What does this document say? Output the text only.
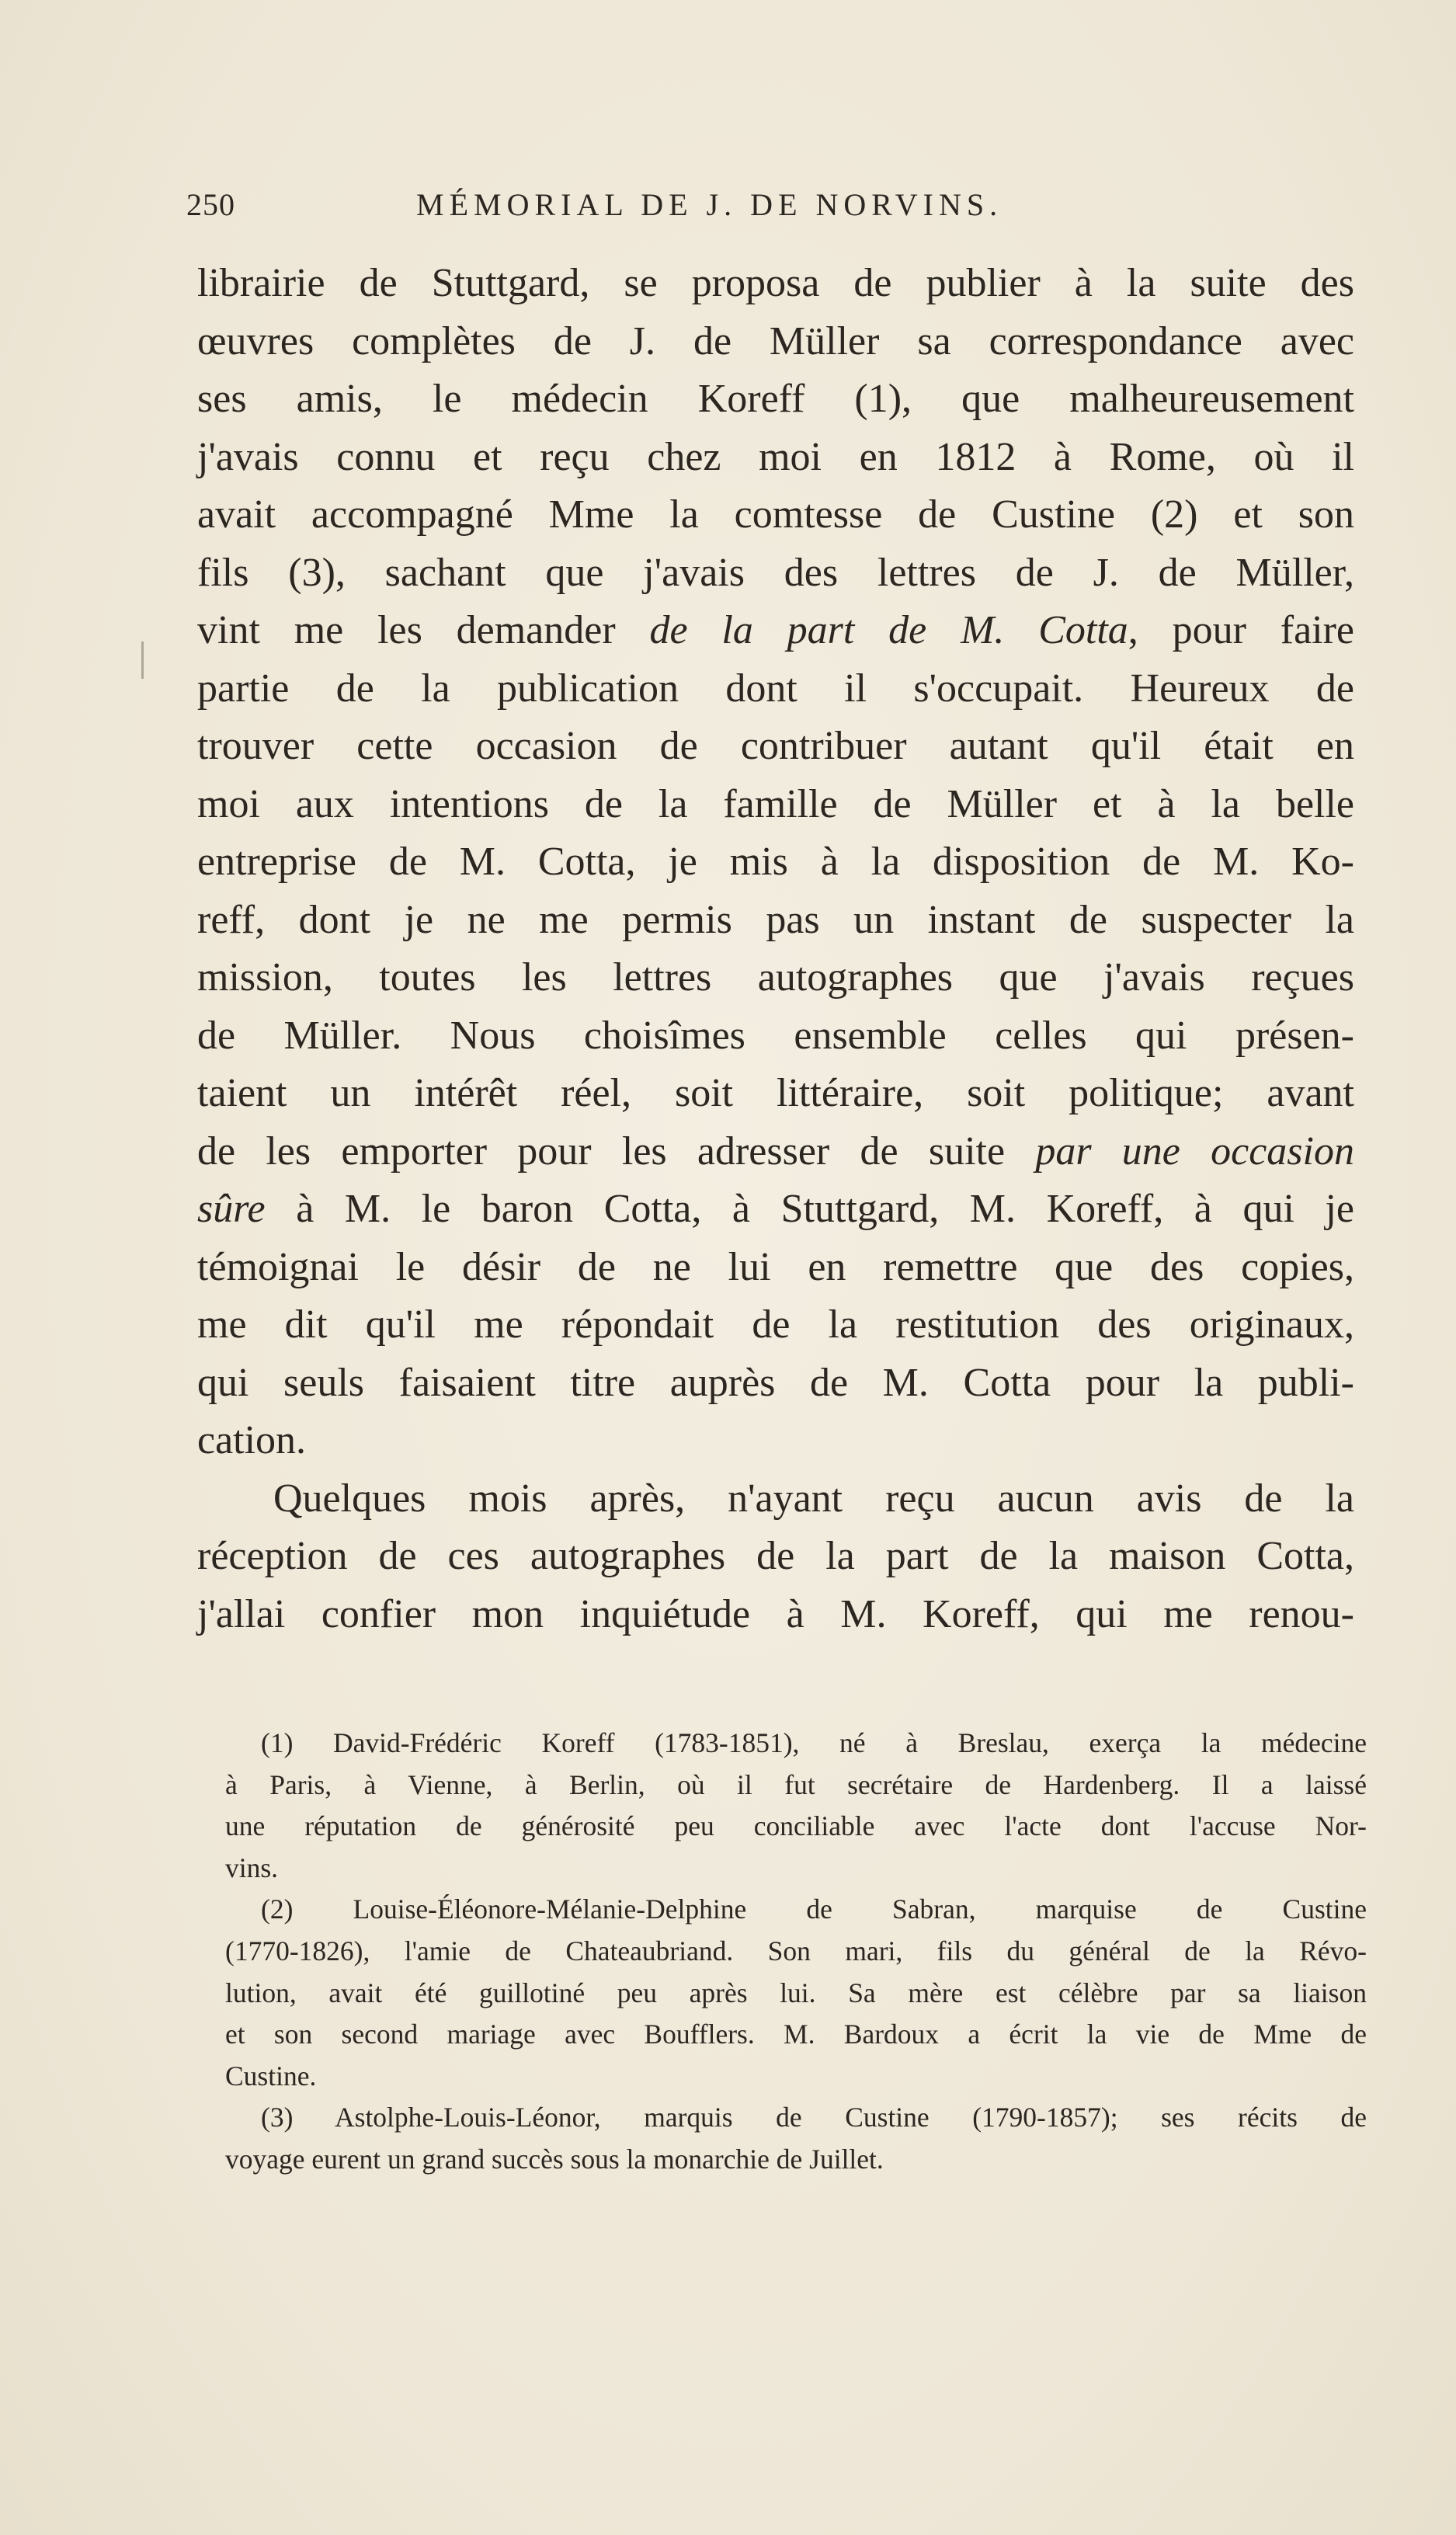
250	MÉMORIAL DE J. DE NORVINS.
librairie de Stuttgard, se proposa de publier à la suite des
œuvres complètes de J. de Müller sa correspondance avec
ses amis, le médecin Koreff (1), que malheureusement
j'avais connu et reçu chez moi en 1812 à Rome, où il
avait accompagné Mme la comtesse de Custine (2) et son
fils (3), sachant que j'avais des lettres de J. de Müller,
vint me les demander de la part de M. Cotta, pour faire
partie de la publication dont il s'occupait. Heureux de
trouver cette occasion de contribuer autant qu'il était en
moi aux intentions de la famille de Müller et à la belle
entreprise de M. Cotta, je mis à la disposition de M. Ko-
reff, dont je ne me permis pas un instant de suspecter la
mission, toutes les lettres autographes que j'avais reçues
de Müller. Nous choisîmes ensemble celles qui présen-
taient un intérêt réel, soit littéraire, soit politique; avant
de les emporter pour les adresser de suite par une occasion
sûre à M. le baron Cotta, à Stuttgard, M. Koreff, à qui je
témoignai le désir de ne lui en remettre que des copies,
me dit qu'il me répondait de la restitution des originaux,
qui seuls faisaient titre auprès de M. Cotta pour la publi-
cation.
Quelques mois après, n'ayant reçu aucun avis de la
réception de ces autographes de la part de la maison Cotta,
j'allai confier mon inquiétude à M. Koreff, qui me renou-
(1) David-Frédéric Koreff (1783-1851), né à Breslau, exerça la médecine
à Paris, à Vienne, à Berlin, où il fut secrétaire de Hardenberg. Il a laissé
une réputation de générosité peu conciliable avec l'acte dont l'accuse Nor-
vins.
(2) Louise-Éléonore-Mélanie-Delphine de Sabran, marquise de Custine
(1770-1826), l'amie de Chateaubriand. Son mari, fils du général de la Révo-
lution, avait été guillotiné peu après lui. Sa mère est célèbre par sa liaison
et son second mariage avec Boufflers. M. Bardoux a écrit la vie de Mme de
Custine.
(3) Astolphe-Louis-Léonor, marquis de Custine (1790-1857); ses récits de
voyage eurent un grand succès sous la monarchie de Juillet.
